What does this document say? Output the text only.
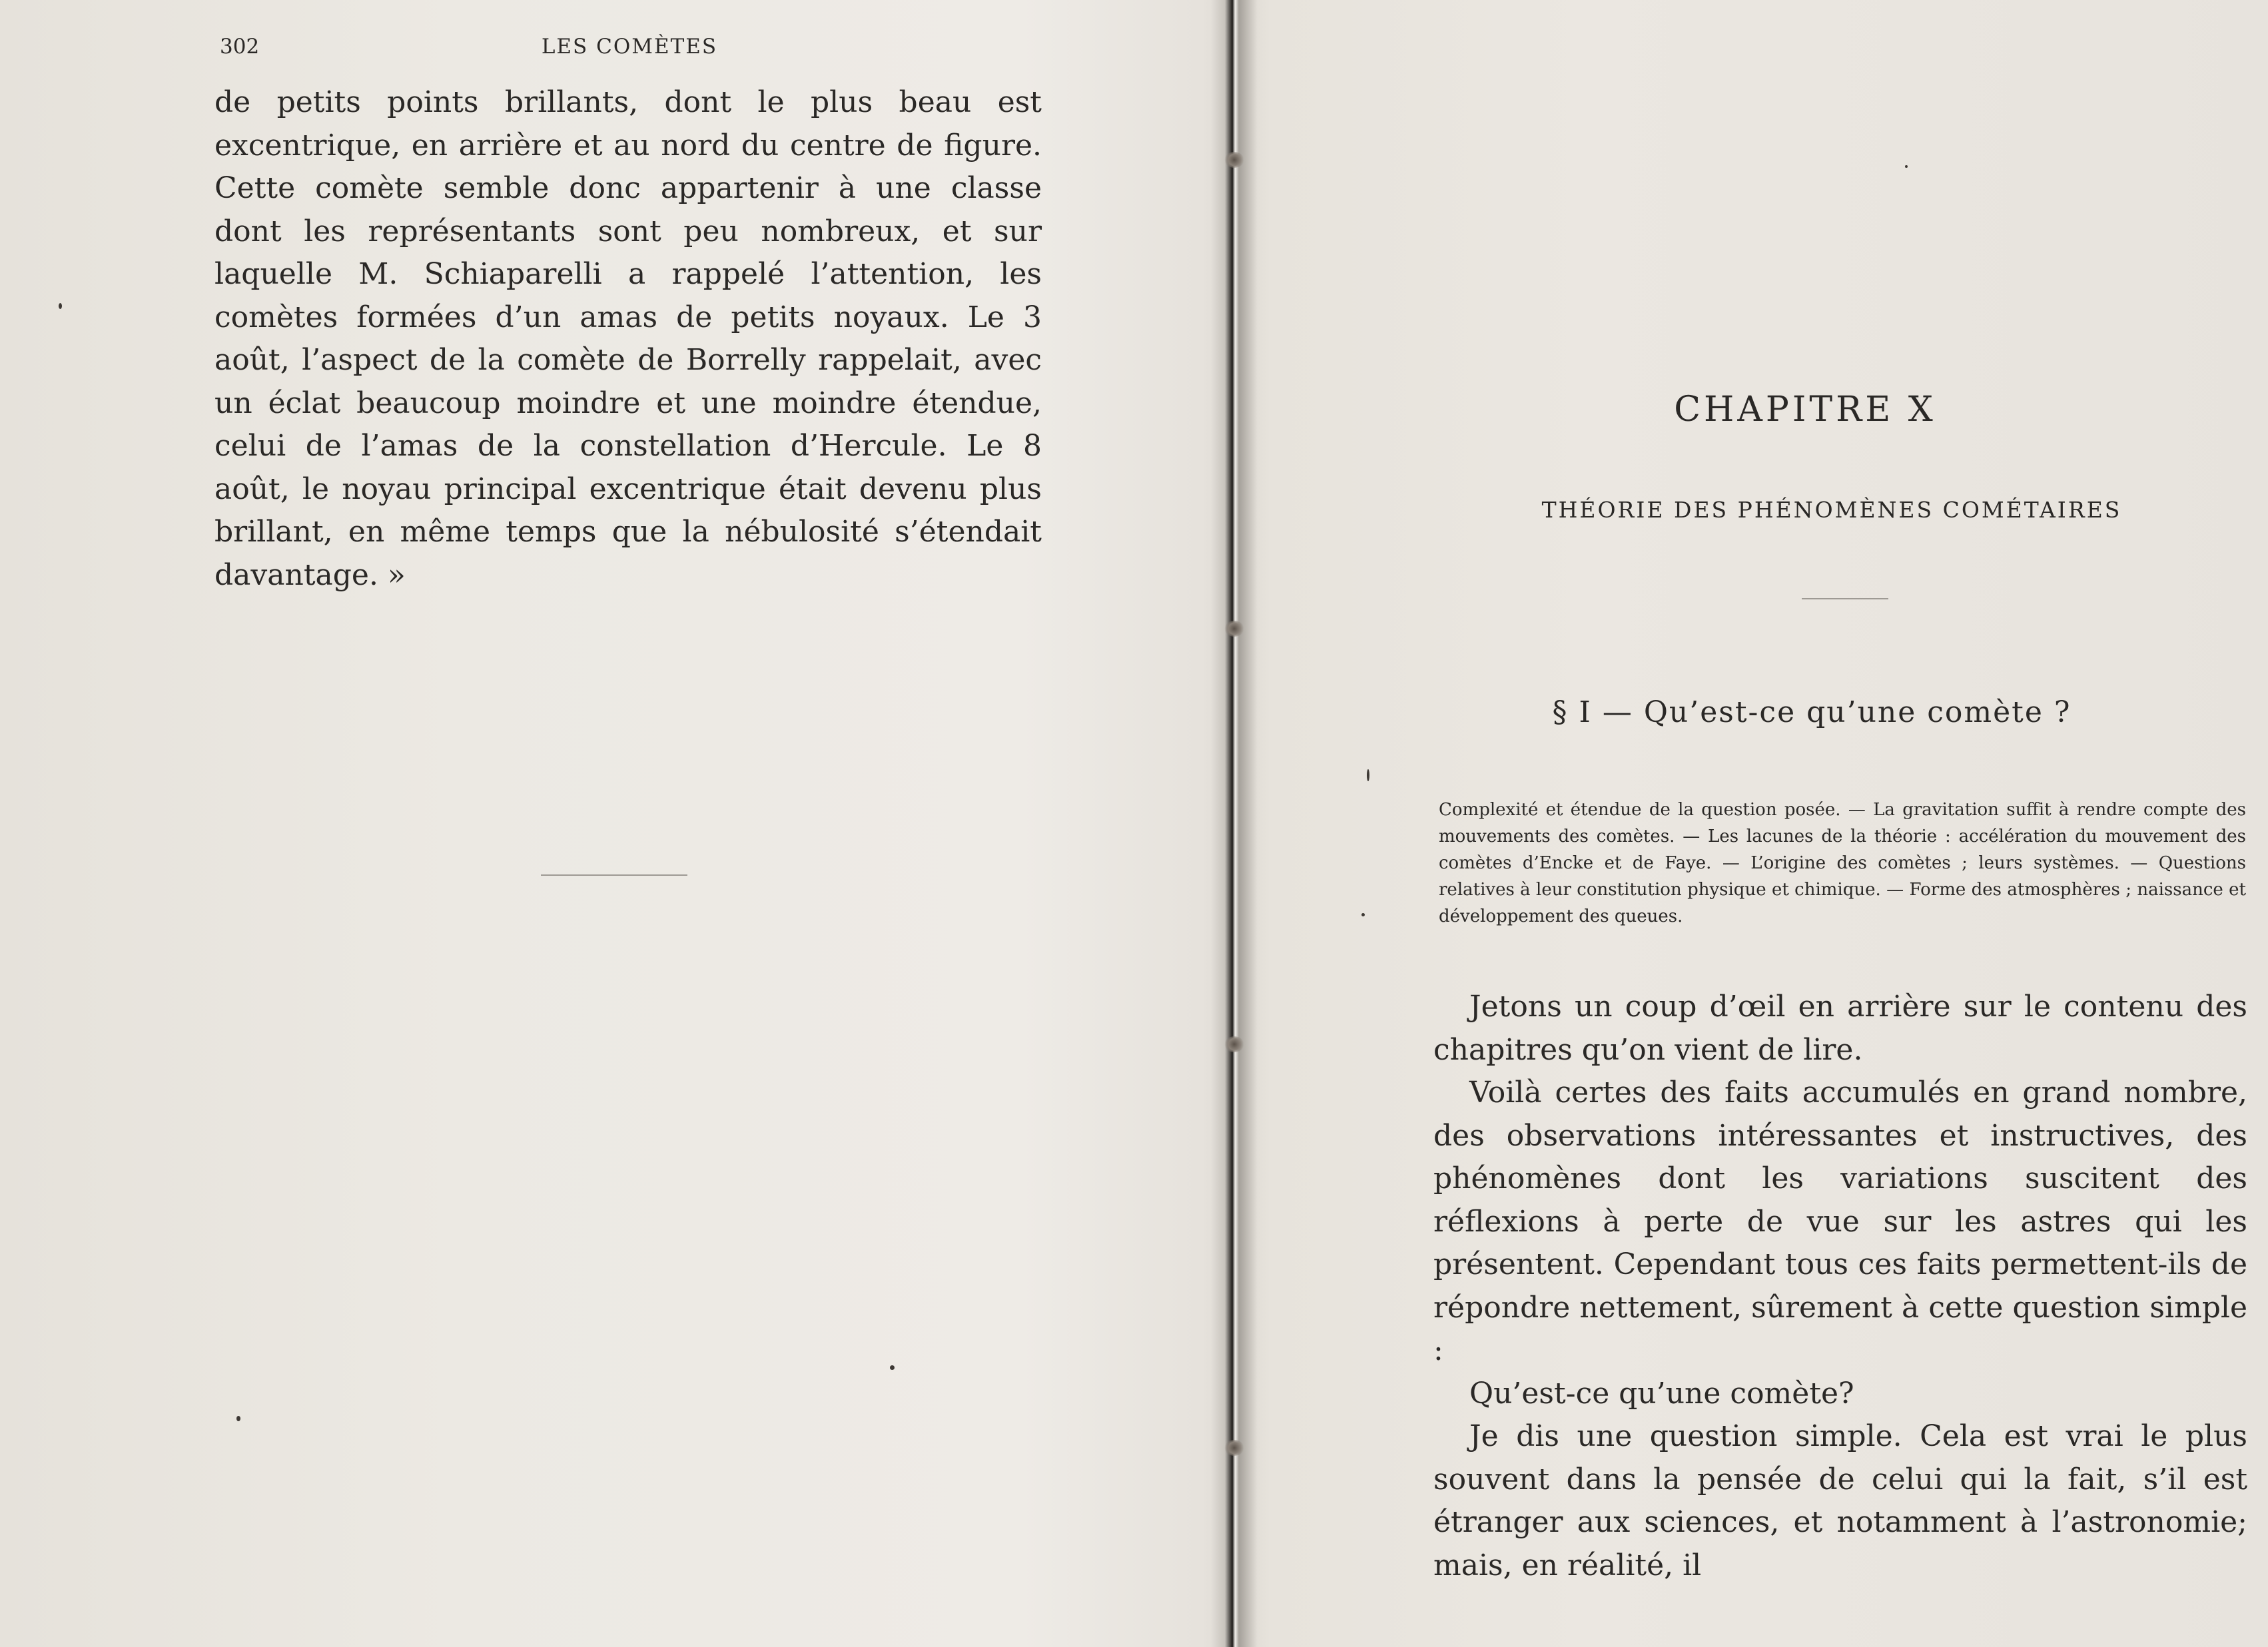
302	LES COMÈTES

de petits points brillants, dont le plus beau est excentrique, en arrière et au nord du centre de figure. Cette comète semble donc appartenir à une classe dont les représentants sont peu nombreux, et sur laquelle M. Schiaparelli a rappelé l’attention, les comètes formées d’un amas de petits noyaux. Le 3 août, l’aspect de la comète de Borrelly rappelait, avec un éclat beaucoup moindre et une moindre étendue, celui de l’amas de la constellation d’Hercule. Le 8 août, le noyau principal excentrique était devenu plus brillant, en même temps que la nébulosité s’étendait davantage. »

CHAPITRE X
THÉORIE DES PHÉNOMÈNES COMÉTAIRES
§ I — Qu’est-ce qu’une comète ?
Complexité et étendue de la question posée. — La gravitation suffit à rendre compte des mouvements des comètes. — Les lacunes de la théorie : accélération du mouvement des comètes d’Encke et de Faye. — L’origine des comètes ; leurs systèmes. — Questions relatives à leur constitution physique et chimique. — Forme des atmosphères ; naissance et développement des queues.

Jetons un coup d’œil en arrière sur le contenu des chapitres qu’on vient de lire.

Voilà certes des faits accumulés en grand nombre, des observations intéressantes et instructives, des phénomènes dont les variations suscitent des réflexions à perte de vue sur les astres qui les présentent. Cependant tous ces faits permettent-ils de répondre nettement, sûrement à cette question simple :

Qu’est-ce qu’une comète?

Je dis une question simple. Cela est vrai le plus souvent dans la pensée de celui qui la fait, s’il est étranger aux sciences, et notamment à l’astronomie; mais, en réalité, il
